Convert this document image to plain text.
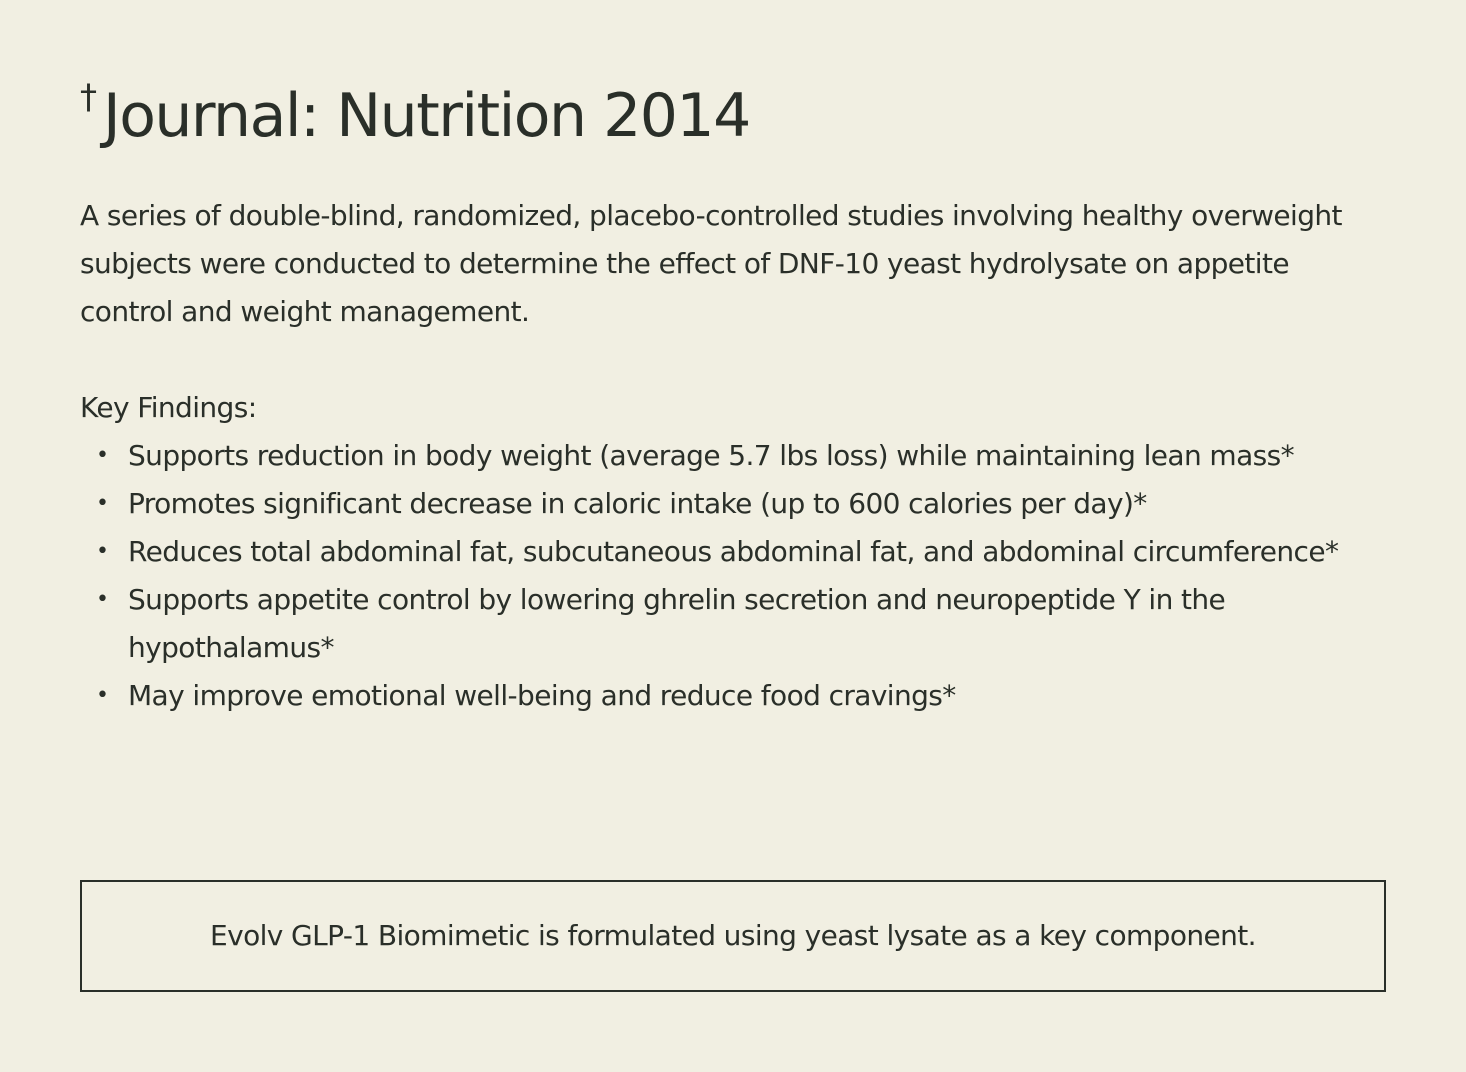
† Journal: Nutrition 2014

A series of double-blind, randomized, placebo-controlled studies involving healthy overweight subjects were conducted to determine the effect of DNF-10 yeast hydrolysate on appetite control and weight management.

Key Findings:

• Supports reduction in body weight (average 5.7 lbs loss) while maintaining lean mass*
• Promotes significant decrease in caloric intake (up to 600 calories per day)*
• Reduces total abdominal fat, subcutaneous abdominal fat, and abdominal circumference*
• Supports appetite control by lowering ghrelin secretion and neuropeptide Y in the hypothalamus*
• May improve emotional well-being and reduce food cravings*
Evolv GLP-1 Biomimetic is formulated using yeast lysate as a key component.
